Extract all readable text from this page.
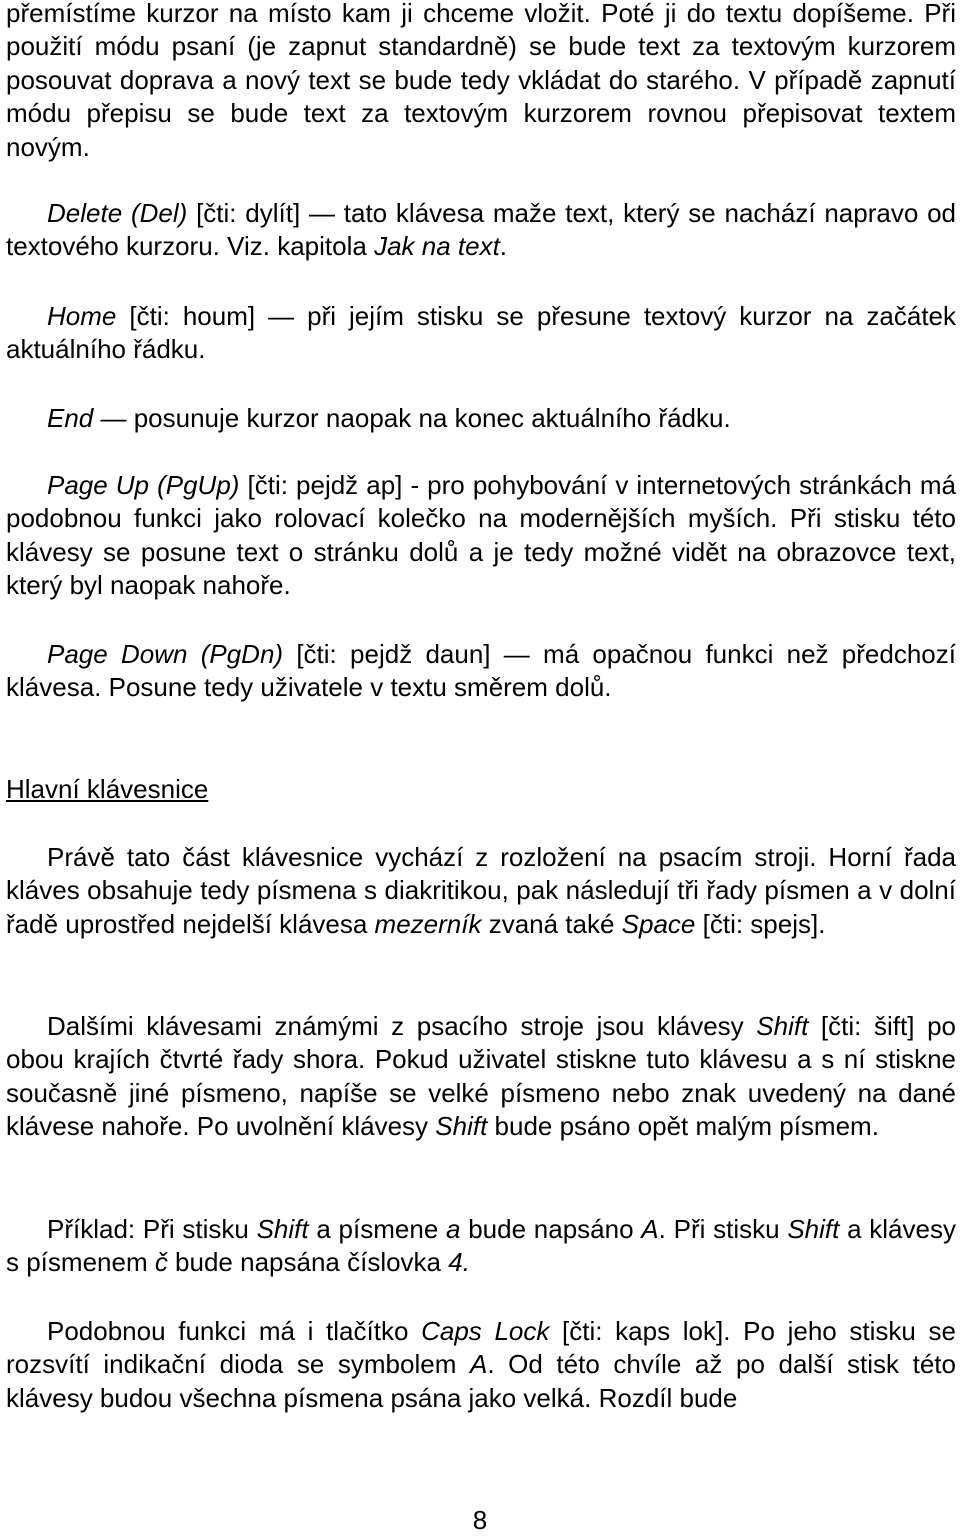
přemístíme kurzor na místo kam ji chceme vložit. Poté ji do textu dopíšeme. Při použití módu psaní (je zapnut standardně) se bude text za textovým kurzorem posouvat doprava a nový text se bude tedy vkládat do starého. V případě zapnutí módu přepisu se bude text za textovým kurzorem rovnou přepisovat textem novým.

Delete (Del) [čti: dylít] — tato klávesa maže text, který se nachází napravo od textového kurzoru. Viz. kapitola Jak na text.

Home [čti: houm] — při jejím stisku se přesune textový kurzor na začátek aktuálního řádku.

End — posunuje kurzor naopak na konec aktuálního řádku.

Page Up (PgUp) [čti: pejdž ap] - pro pohybování v internetových stránkách má podobnou funkci jako rolovací kolečko na modernějších myších. Při stisku této klávesy se posune text o stránku dolů a je tedy možné vidět na obrazovce text, který byl naopak nahoře.

Page Down (PgDn) [čti: pejdž daun] — má opačnou funkci než předchozí klávesa. Posune tedy uživatele v textu směrem dolů.

Hlavní klávesnice

Právě tato část klávesnice vychází z rozložení na psacím stroji. Horní řada kláves obsahuje tedy písmena s diakritikou, pak následují tři řady písmen a v dolní řadě uprostřed nejdelší klávesa mezerník zvaná také Space [čti: spejs].

Dalšími klávesami známými z psacího stroje jsou klávesy Shift [čti: šift] po obou krajích čtvrté řady shora. Pokud uživatel stiskne tuto klávesu a s ní stiskne současně jiné písmeno, napíše se velké písmeno nebo znak uvedený na dané klávese nahoře. Po uvolnění klávesy Shift bude psáno opět malým písmem.

Příklad: Při stisku Shift a písmene a bude napsáno A. Při stisku Shift a klávesy s písmenem č bude napsána číslovka 4.

Podobnou funkci má i tlačítko Caps Lock [čti: kaps lok]. Po jeho stisku se rozsvítí indikační dioda se symbolem A. Od této chvíle až po další stisk této klávesy budou všechna písmena psána jako velká. Rozdíl bude

8
